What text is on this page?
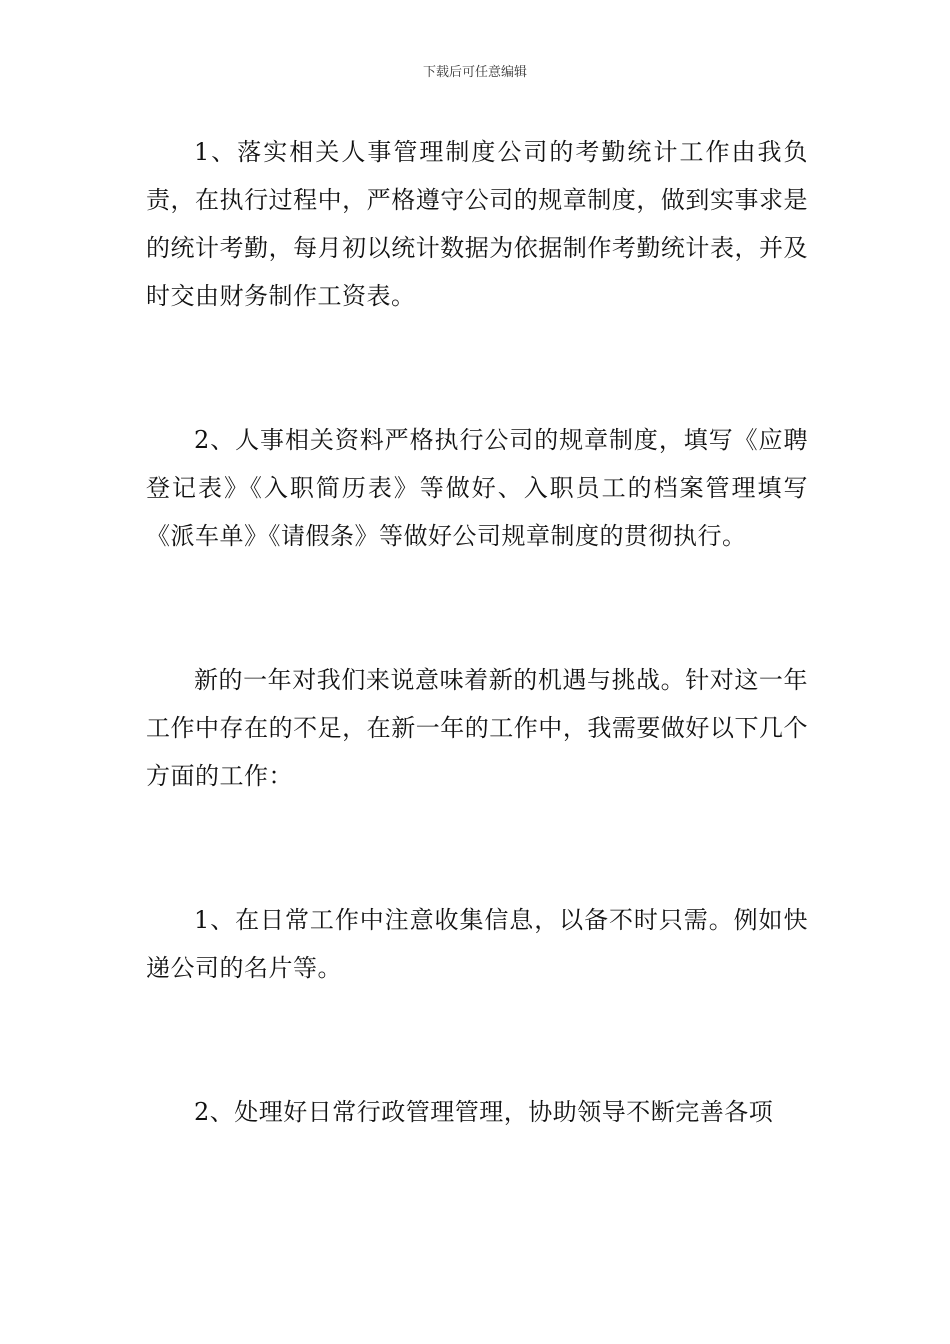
下载后可任意编辑

1、落实相关人事管理制度公司的考勤统计工作由我负责，在执行过程中，严格遵守公司的规章制度，做到实事求是的统计考勤，每月初以统计数据为依据制作考勤统计表，并及时交由财务制作工资表。

2、人事相关资料严格执行公司的规章制度，填写《应聘登记表》《入职简历表》等做好、入职员工的档案管理填写《派车单》《请假条》等做好公司规章制度的贯彻执行。

新的一年对我们来说意味着新的机遇与挑战。针对这一年工作中存在的不足，在新一年的工作中，我需要做好以下几个方面的工作：

1、在日常工作中注意收集信息，以备不时只需。例如快递公司的名片等。

2、处理好日常行政管理管理，协助领导不断完善各项
